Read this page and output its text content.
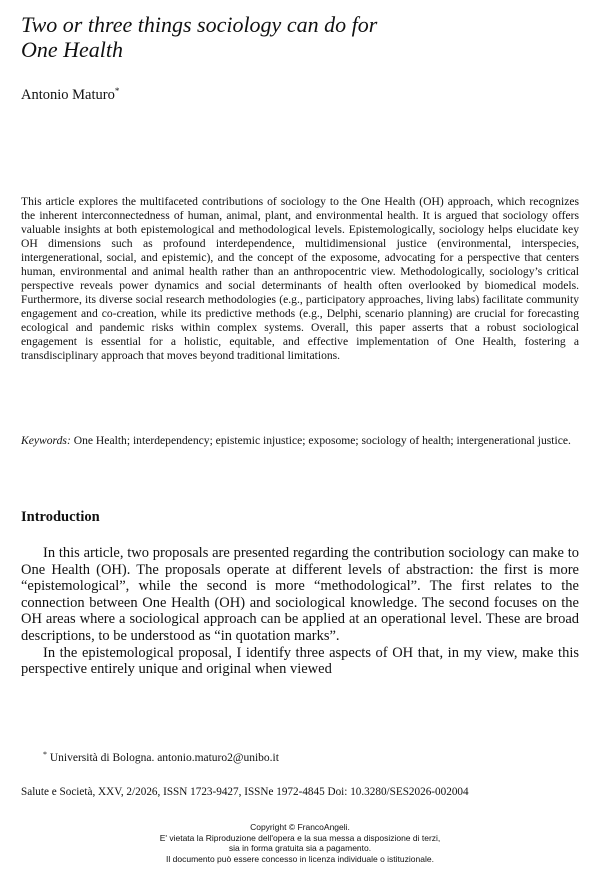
Two or three things sociology can do for
One Health
Antonio Maturo*

This article explores the multifaceted contributions of sociology to the One Health (OH) approach, which recognizes the inherent interconnectedness of human, animal, plant, and environmental health. It is argued that sociology offers valuable insights at both epistemological and methodological levels. Epistemologically, sociology helps elucidate key OH dimensions such as profound interdependence, multidimensional justice (environmental, interspecies, intergenerational, social, and epistemic), and the concept of the exposome, advocating for a perspective that centers human, environmental and animal health rather than an anthropocentric view. Methodologically, sociology’s critical perspective reveals power dynamics and social determinants of health often overlooked by biomedical models. Furthermore, its diverse social research methodologies (e.g., participatory approaches, living labs) facilitate community engagement and co-creation, while its predictive methods (e.g., Delphi, scenario planning) are crucial for forecasting ecological and pandemic risks within complex systems. Overall, this paper asserts that a robust sociological engagement is essential for a holistic, equitable, and effective implementation of One Health, fostering a transdisciplinary approach that moves beyond traditional limitations.

Keywords: One Health; interdependency; epistemic injustice; exposome; sociology of health; intergenerational justice.

Introduction

In this article, two proposals are presented regarding the contribution sociology can make to One Health (OH). The proposals operate at different levels of abstraction: the first is more “epistemological”, while the second is more “methodological”. The first relates to the connection between One Health (OH) and sociological knowledge. The second focuses on the OH areas where a sociological approach can be applied at an operational level. These are broad descriptions, to be understood as “in quotation marks”.

In the epistemological proposal, I identify three aspects of OH that, in my view, make this perspective entirely unique and original when viewed

* Università di Bologna. antonio.maturo2@unibo.it
Salute e Società, XXV, 2/2026, ISSN 1723-9427, ISSNe 1972-4845 Doi: 10.3280/SES2026-002004
Copyright © FrancoAngeli.
E' vietata la Riproduzione dell'opera e la sua messa a disposizione di terzi,
sia in forma gratuita sia a pagamento.
Il documento può essere concesso in licenza individuale o istituzionale.
